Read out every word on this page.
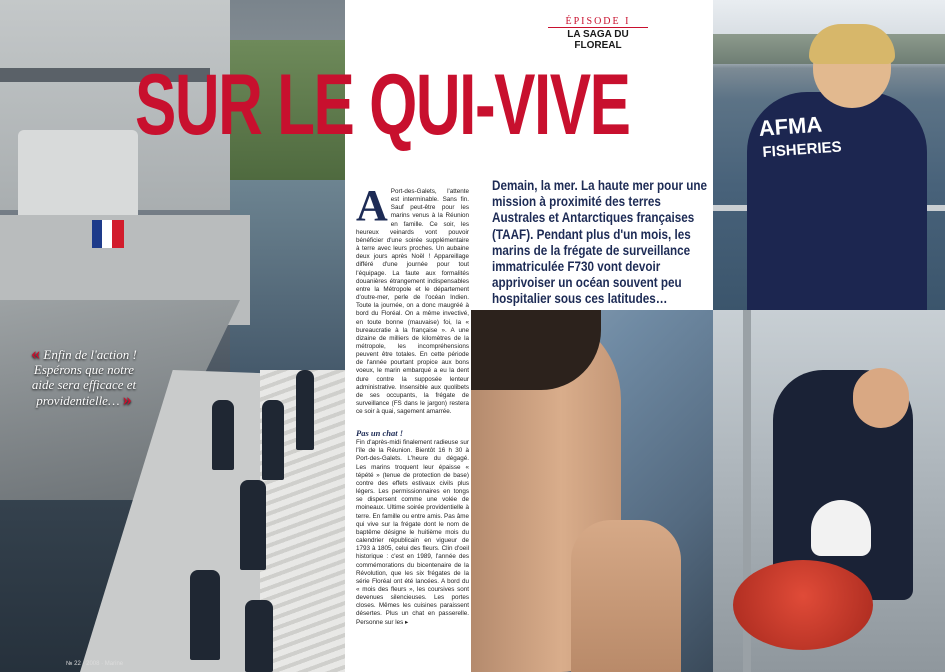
ÉPISODE I
LA SAGA DU FLOREAL
SUR LE QUI-VIVE
Demain, la mer. La haute mer pour une mission à proximité des terres Australes et Antarctiques françaises (TAAF). Pendant plus d'un mois, les marins de la frégate de surveillance immatriculée F730 vont devoir apprivoiser un océan souvent peu hospitalier sous ces latitudes…
A Port-des-Galets, l'attente est interminable. Sans fin. Sauf peut-être pour les marins venus à la Réunion en famille. Ce soir, les heureux veinards vont pouvoir bénéficier d'une soirée supplémentaire à terre avec leurs proches. Un aubaine deux jours après Noël ! Appareillage différé d'une journée pour tout l'équipage. La faute aux formalités douanières étrangement indispensables entre la Métropole et le département d'outre-mer, perle de l'océan Indien. Toute la journée, on a donc maugréé à bord du Floréal. On a même invectivé, en toute bonne (mauvaise) foi, la « bureaucratie à la française ». A une dizaine de milliers de kilomètres de la métropole, les incompréhensions peuvent être totales. En cette période de l'année pourtant propice aux bons voeux, le marin embarqué a eu la dent dure contre la supposée lenteur administrative. Insensible aux quolibets de ses occupants, la frégate de surveillance (FS dans le jargon) restera ce soir à quai, sagement amarrée.
Pas un chat !
Fin d'après-midi finalement radieuse sur l'île de la Réunion. Bientôt 16 h 30 à Port-des-Galets. L'heure du dégagé. Les marins troquent leur épaisse « tépété » (tenue de protection de base) contre des effets estivaux civils plus légers. Les permissionnaires en tongs se dispersent comme une volée de moineaux. Ultime soirée providentielle à terre. En famille ou entre amis. Pas âme qui vive sur la frégate dont le nom de baptême désigne le huitième mois du calendrier républicain en vigueur de 1793 à 1805, celui des fleurs. Clin d'oeil historique : c'est en 1989, l'année des commémorations du bicentenaire de la Révolution, que les six frégates de la série Floréal ont été lancées. A bord du « mois des fleurs », les coursives sont devenues silencieuses. Les portes closes. Mêmes les cuisines paraissent désertes. Plus un chat en passerelle. Personne sur les ▸
« Enfin de l'action ! Espérons que notre aide sera efficace et providentielle… »
AFMA
FISHERIES
№ 22 · 2008 · Marine
